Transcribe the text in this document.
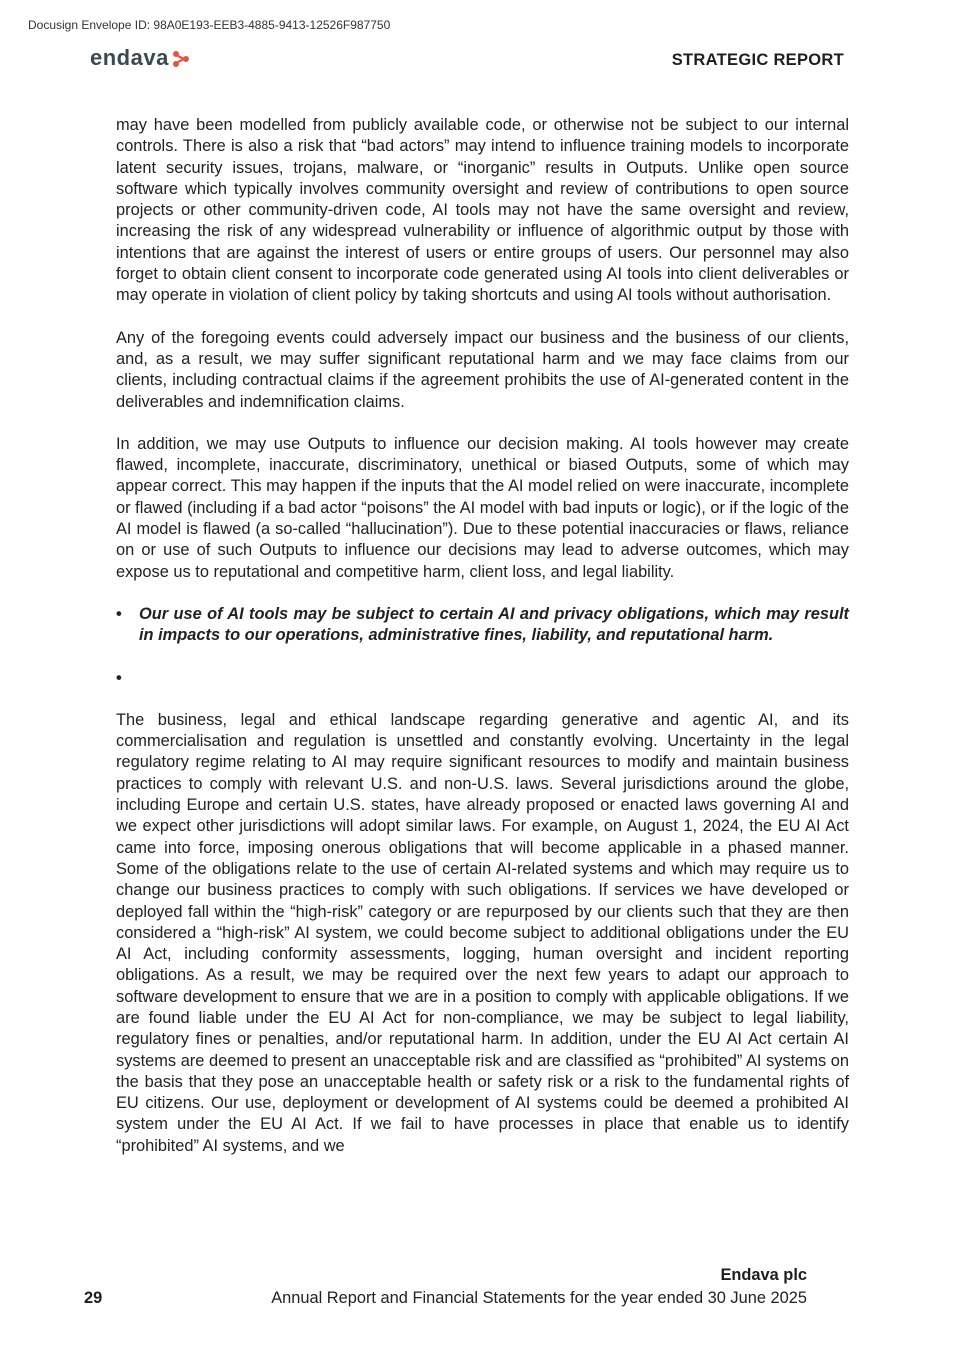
Docusign Envelope ID: 98A0E193-EEB3-4885-9413-12526F987750
endava	STRATEGIC REPORT

may have been modelled from publicly available code, or otherwise not be subject to our internal controls. There is also a risk that “bad actors” may intend to influence training models to incorporate latent security issues, trojans, malware, or “inorganic” results in Outputs. Unlike open source software which typically involves community oversight and review of contributions to open source projects or other community-driven code, AI tools may not have the same oversight and review, increasing the risk of any widespread vulnerability or influence of algorithmic output by those with intentions that are against the interest of users or entire groups of users. Our personnel may also forget to obtain client consent to incorporate code generated using AI tools into client deliverables or may operate in violation of client policy by taking shortcuts and using AI tools without authorisation.

Any of the foregoing events could adversely impact our business and the business of our clients, and, as a result, we may suffer significant reputational harm and we may face claims from our clients, including contractual claims if the agreement prohibits the use of AI-generated content in the deliverables and indemnification claims.

In addition, we may use Outputs to influence our decision making. AI tools however may create flawed, incomplete, inaccurate, discriminatory, unethical or biased Outputs, some of which may appear correct. This may happen if the inputs that the AI model relied on were inaccurate, incomplete or flawed (including if a bad actor “poisons” the AI model with bad inputs or logic), or if the logic of the AI model is flawed (a so-called “hallucination”). Due to these potential inaccuracies or flaws, reliance on or use of such Outputs to influence our decisions may lead to adverse outcomes, which may expose us to reputational and competitive harm, client loss, and legal liability.

•	Our use of AI tools may be subject to certain AI and privacy obligations, which may result in impacts to our operations, administrative fines, liability, and reputational harm.
•

The business, legal and ethical landscape regarding generative and agentic AI, and its commercialisation and regulation is unsettled and constantly evolving. Uncertainty in the legal regulatory regime relating to AI may require significant resources to modify and maintain business practices to comply with relevant U.S. and non-U.S. laws. Several jurisdictions around the globe, including Europe and certain U.S. states, have already proposed or enacted laws governing AI and we expect other jurisdictions will adopt similar laws. For example, on August 1, 2024, the EU AI Act came into force, imposing onerous obligations that will become applicable in a phased manner. Some of the obligations relate to the use of certain AI-related systems and which may require us to change our business practices to comply with such obligations. If services we have developed or deployed fall within the “high-risk” category or are repurposed by our clients such that they are then considered a “high-risk” AI system, we could become subject to additional obligations under the EU AI Act, including conformity assessments, logging, human oversight and incident reporting obligations. As a result, we may be required over the next few years to adapt our approach to software development to ensure that we are in a position to comply with applicable obligations. If we are found liable under the EU AI Act for non-compliance, we may be subject to legal liability, regulatory fines or penalties, and/or reputational harm. In addition, under the EU AI Act certain AI systems are deemed to present an unacceptable risk and are classified as “prohibited” AI systems on the basis that they pose an unacceptable health or safety risk or a risk to the fundamental rights of EU citizens. Our use, deployment or development of AI systems could be deemed a prohibited AI system under the EU AI Act. If we fail to have processes in place that enable us to identify “prohibited” AI systems, and we

Endava plc
29	Annual Report and Financial Statements for the year ended 30 June 2025
